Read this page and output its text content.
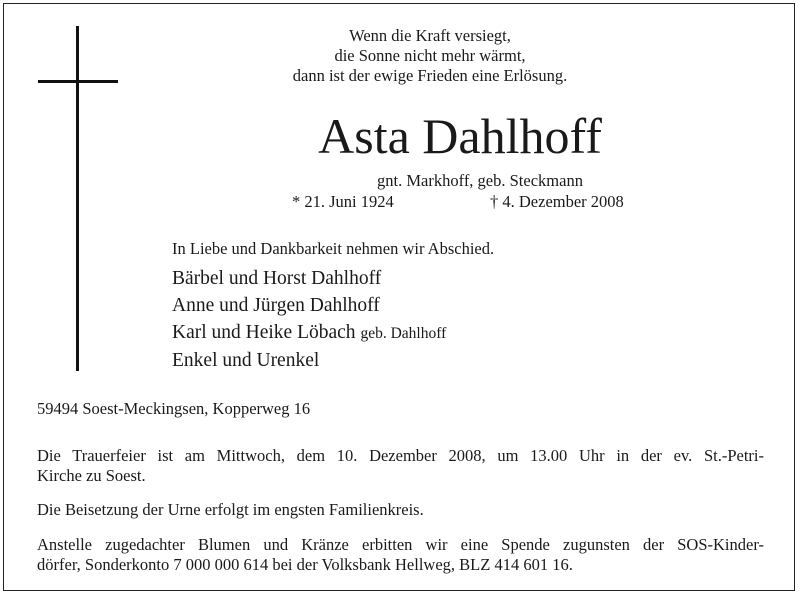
Wenn die Kraft versiegt,
die Sonne nicht mehr wärmt,
dann ist der ewige Frieden eine Erlösung.
Asta Dahlhoff
gnt. Markhoff, geb. Steckmann
* 21. Juni 1924	† 4. Dezember 2008
In Liebe und Dankbarkeit nehmen wir Abschied.
Bärbel und Horst Dahlhoff
Anne und Jürgen Dahlhoff
Karl und Heike Löbach geb. Dahlhoff
Enkel und Urenkel
59494 Soest-Meckingsen, Kopperweg 16
Die Trauerfeier ist am Mittwoch, dem 10. Dezember 2008, um 13.00 Uhr in der ev. St.-Petri-
Kirche zu Soest.
Die Beisetzung der Urne erfolgt im engsten Familienkreis.
Anstelle zugedachter Blumen und Kränze erbitten wir eine Spende zugunsten der SOS-Kinder-
dörfer, Sonderkonto 7 000 000 614 bei der Volksbank Hellweg, BLZ 414 601 16.
